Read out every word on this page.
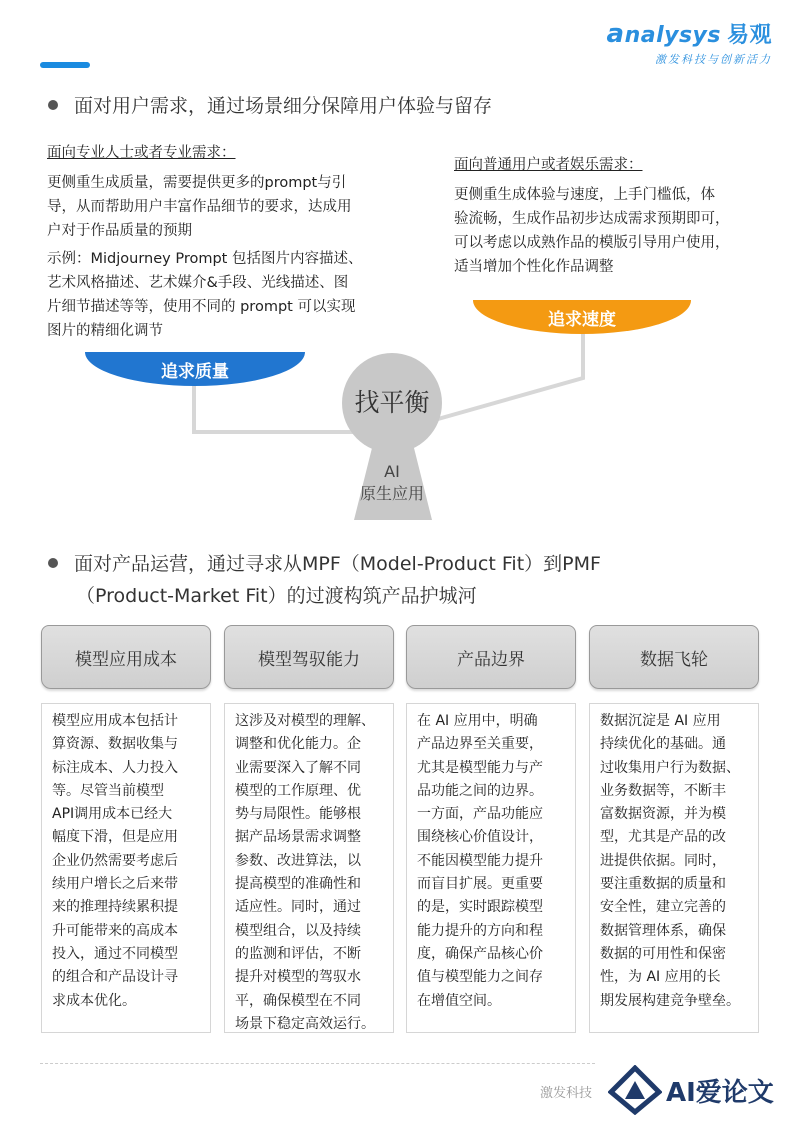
analysys 易观
激发科技与创新活力
面对用户需求，通过场景细分保障用户体验与留存
面向专业人士或者专业需求：
更侧重生成质量，需要提供更多的prompt与引
导，从而帮助用户丰富作品细节的要求，达成用
户对于作品质量的预期
示例：Midjourney Prompt 包括图片内容描述、
艺术风格描述、艺术媒介&手段、光线描述、图
片细节描述等等，使用不同的 prompt 可以实现
图片的精细化调节
面向普通用户或者娱乐需求：
更侧重生成体验与速度，上手门槛低，体
验流畅，生成作品初步达成需求预期即可，
可以考虑以成熟作品的模版引导用户使用，
适当增加个性化作品调整
追求质量
追求速度
找平衡
AI
原生应用
面对产品运营，通过寻求从MPF（Model-Product Fit）到PMF
（Product-Market Fit）的过渡构筑产品护城河
模型应用成本	模型驾驭能力	产品边界	数据飞轮
模型应用成本包括计
算资源、数据收集与
标注成本、人力投入
等。尽管当前模型
API调用成本已经大
幅度下滑，但是应用
企业仍然需要考虑后
续用户增长之后来带
来的推理持续累积提
升可能带来的高成本
投入，通过不同模型
的组合和产品设计寻
求成本优化。
这涉及对模型的理解、
调整和优化能力。企
业需要深入了解不同
模型的工作原理、优
势与局限性。能够根
据产品场景需求调整
参数、改进算法，以
提高模型的准确性和
适应性。同时，通过
模型组合，以及持续
的监测和评估，不断
提升对模型的驾驭水
平，确保模型在不同
场景下稳定高效运行。
在 AI 应用中，明确
产品边界至关重要，
尤其是模型能力与产
品功能之间的边界。
一方面，产品功能应
围绕核心价值设计，
不能因模型能力提升
而盲目扩展。更重要
的是，实时跟踪模型
能力提升的方向和程
度，确保产品核心价
值与模型能力之间存
在增值空间。
数据沉淀是 AI 应用
持续优化的基础。通
过收集用户行为数据、
业务数据等，不断丰
富数据资源，并为模
型，尤其是产品的改
进提供依据。同时，
要注重数据的质量和
安全性，建立完善的
数据管理体系，确保
数据的可用性和保密
性，为 AI 应用的长
期发展构建竞争壁垒。
激发科技	AI爱论文
